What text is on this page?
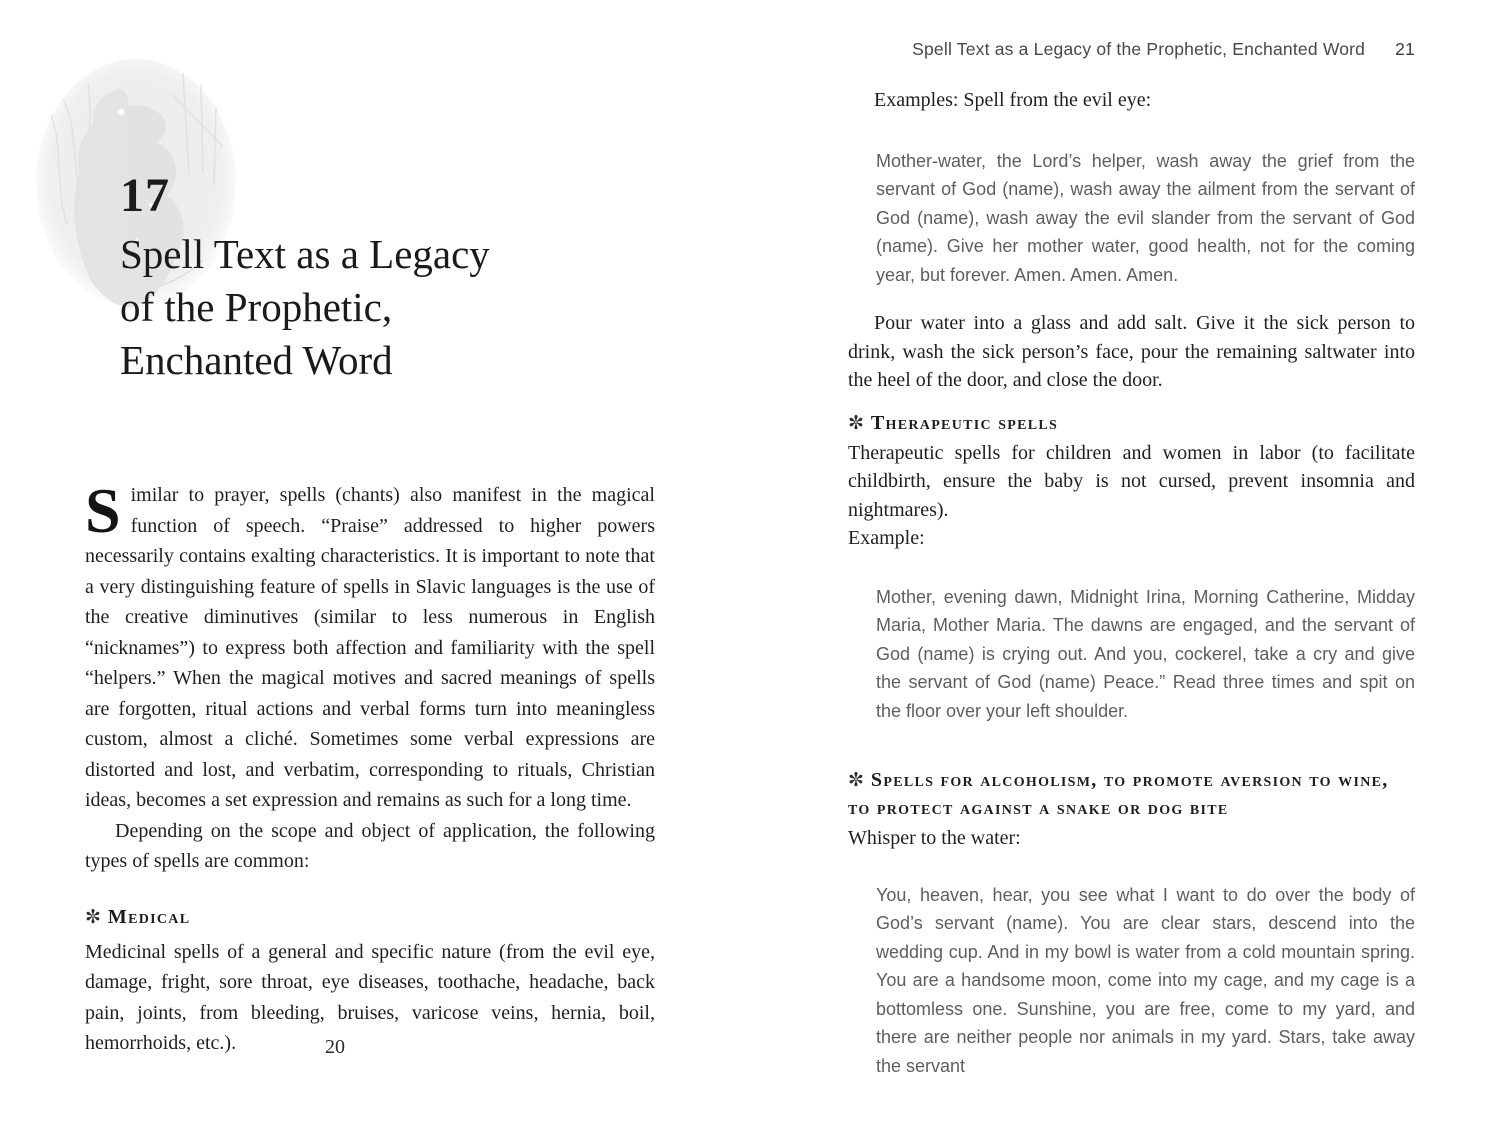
17
Spell Text as a Legacy
of the Prophetic,
Enchanted Word

Similar to prayer, spells (chants) also manifest in the magical function of speech. “Praise” addressed to higher powers necessarily contains exalting characteristics. It is important to note that a very distinguishing feature of spells in Slavic languages is the use of the creative diminutives (similar to less numerous in English “nicknames”) to express both affection and familiarity with the spell “helpers.” When the magical motives and sacred meanings of spells are forgotten, ritual actions and verbal forms turn into meaningless custom, almost a cliché. Sometimes some verbal expressions are distorted and lost, and verbatim, corresponding to rituals, Christian ideas, becomes a set expression and remains as such for a long time.

Depending on the scope and object of application, the following types of spells are common:

✼ Medical

Medicinal spells of a general and specific nature (from the evil eye, damage, fright, sore throat, eye diseases, toothache, headache, back pain, joints, from bleeding, bruises, varicose veins, hernia, boil, hemorrhoids, etc.).	20
Spell Text as a Legacy of the Prophetic, Enchanted Word 21

Examples: Spell from the evil eye:

Mother-water, the Lord’s helper, wash away the grief from the servant of God (name), wash away the ailment from the servant of God (name), wash away the evil slander from the servant of God (name). Give her mother water, good health, not for the coming year, but forever. Amen. Amen. Amen.

Pour water into a glass and add salt. Give it the sick person to drink, wash the sick person’s face, pour the remaining saltwater into the heel of the door, and close the door.

✼ Therapeutic spells

Therapeutic spells for children and women in labor (to facilitate childbirth, ensure the baby is not cursed, prevent insomnia and nightmares).

Example:

Mother, evening dawn, Midnight Irina, Morning Catherine, Midday Maria, Mother Maria. The dawns are engaged, and the servant of God (name) is crying out. And you, cockerel, take a cry and give the servant of God (name) Peace.” Read three times and spit on the floor over your left shoulder.

✼ Spells for alcoholism, to promote aversion to wine, to protect against a snake or dog bite

Whisper to the water:

You, heaven, hear, you see what I want to do over the body of God’s servant (name). You are clear stars, descend into the wedding cup. And in my bowl is water from a cold mountain spring. You are a handsome moon, come into my cage, and my cage is a bottomless one. Sunshine, you are free, come to my yard, and there are neither people nor animals in my yard. Stars, take away the servant
